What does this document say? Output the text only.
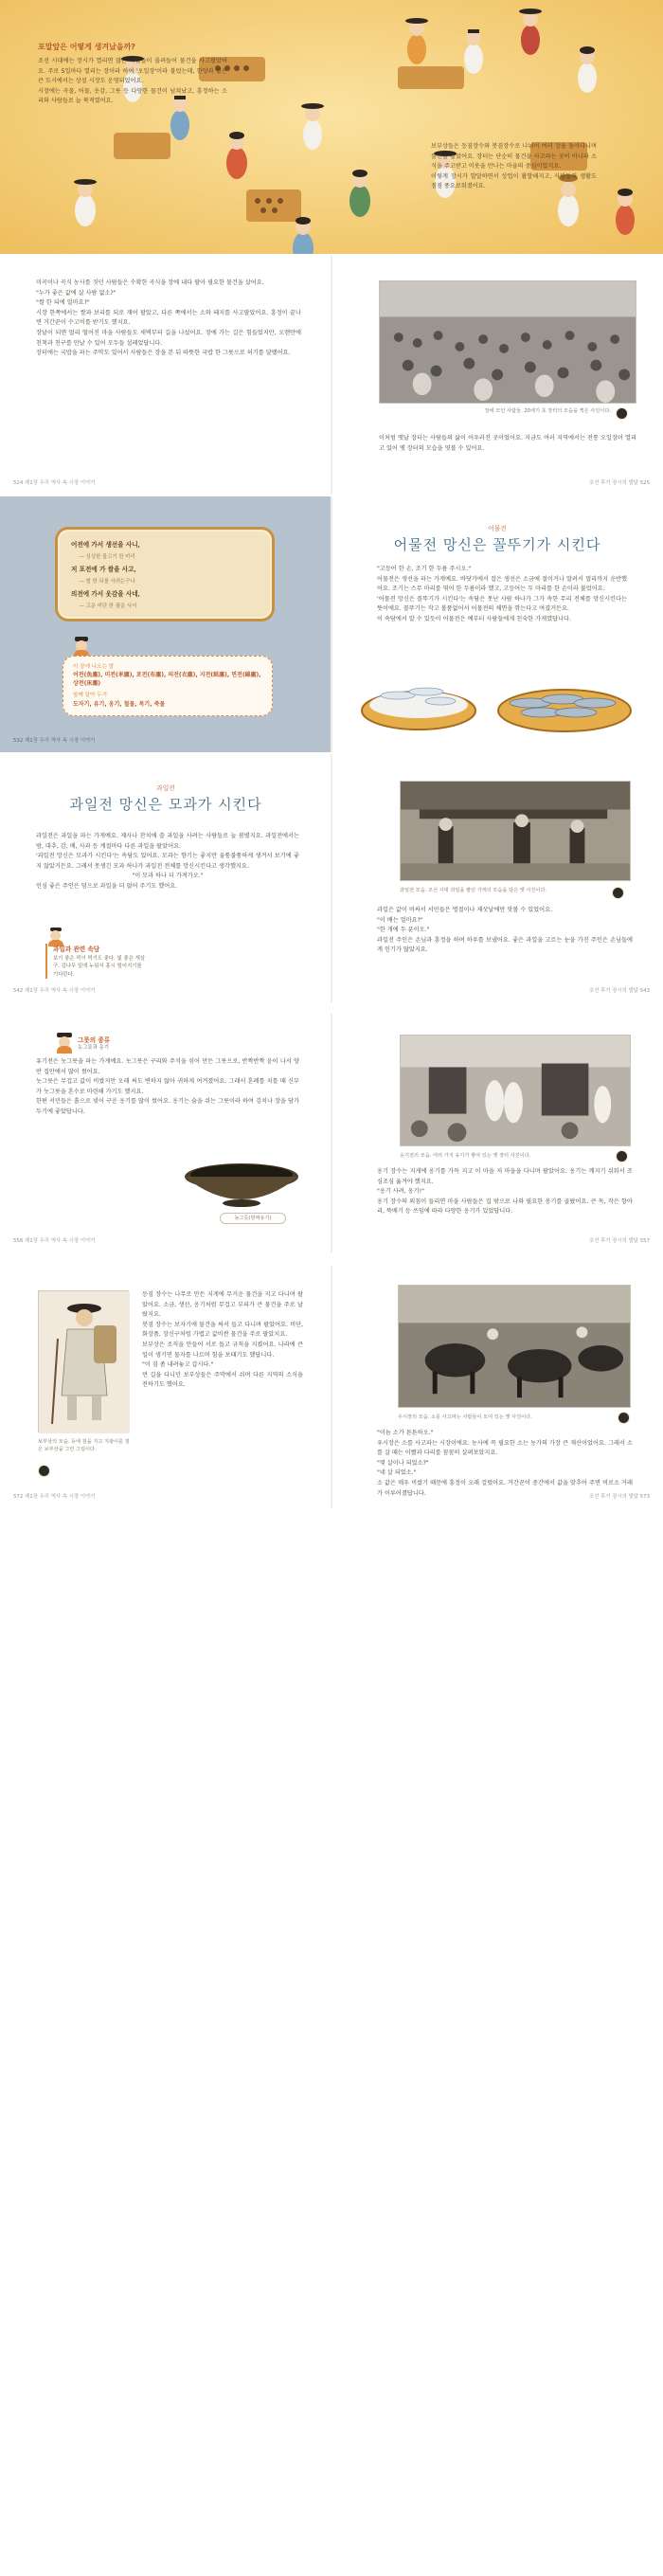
포말앞은 어떻게 생겨났을까?

조선 시대에는 장시가 열리면 많은 사람들이 몰려들어 물건을 사고팔았어요. 주로 5일마다 열리는 장이라 하여 '오일장'이라 불렀는데, 한양과 같은 큰 도시에서는 상설 시장도 운영되었어요.

시장에는 곡물, 어물, 옷감, 그릇 등 다양한 물건이 넘쳐났고, 흥정하는 소리와 사람들로 늘 북적였어요.

보부상들은 등짐장수와 봇짐장수로 나뉘어 여러 장을 돌아다니며 물건을 팔았어요. 장터는 단순히 물건을 사고파는 곳이 아니라 소식을 주고받고 이웃을 만나는 마을의 중심이었지요.

이렇게 장시가 발달하면서 상업이 활발해지고, 사람들의 생활도 점점 풍요로워졌어요.

미곡이나 곡식 농사를 짓던 사람들은 수확한 곡식을 장에 내다 팔아 필요한 물건을 샀어요.

"누가 좋은 값에 살 사람 없소?"

"쌀 한 되에 얼마요?"

시장 한쪽에서는 쌀과 보리를 되로 재어 팔았고, 다른 쪽에서는 소와 돼지를 사고팔았어요. 흥정이 끝나면 거간꾼이 수고비를 받기도 했지요.

장날이 되면 멀리 떨어진 마을 사람들도 새벽부터 길을 나섰어요. 장에 가는 길은 힘들었지만, 오랜만에 친척과 친구를 만날 수 있어 모두들 설레었답니다.

장터에는 국밥을 파는 주막도 있어서 사람들은 장을 본 뒤 따뜻한 국밥 한 그릇으로 허기를 달랬어요.

524 제1장 우리 역사 속 시장 이야기
장에 모인 사람들. 20세기 초 장터의 모습을 찍은 사진이다.

이처럼 옛날 장터는 사람들의 삶이 어우러진 곳이었어요. 지금도 여러 지역에서는 전통 오일장이 열리고 있어 옛 장터의 모습을 엿볼 수 있어요.

조선 후기 장시의 발달 525
어전에 가서 생선을 사니,
— 싱싱한 물고기 한 마리
저 포전에 가 쌀을 사고,
— 쌀 한 되를 사려는구나
의전에 가서 옷감을 사네,
— 고운 비단 한 필을 사서
이 장에 나오는 말
어전(魚廛), 미전(米廛), 포전(布廛), 의전(衣廛), 지전(紙廛), 면전(綿廛), 상전(床廛)
함께 알아 두기
도자기, 유기, 옹기, 철물, 목기, 죽물
532 제1장 우리 역사 속 시장 이야기
어물전
어물전 망신은 꼴뚜기가 시킨다

"고등어 한 손, 조기 한 두름 주시오."

어물전은 생선을 파는 가게예요. 바닷가에서 잡은 생선은 소금에 절이거나 말려서 멀리까지 운반했어요. 조기는 스무 마리를 엮어 한 두름이라 했고, 고등어는 두 마리를 한 손이라 불렀어요.

'어물전 망신은 꼴뚜기가 시킨다'는 속담은 못난 사람 하나가 그가 속한 무리 전체를 망신시킨다는 뜻이에요. 꼴뚜기는 작고 볼품없어서 어물전의 체면을 깎는다고 여겼거든요.

이 속담에서 알 수 있듯이 어물전은 예부터 사람들에게 친숙한 가게였답니다.

과일전
과일전 망신은 모과가 시킨다

과일전은 과일을 파는 가게예요. 제사나 잔치에 쓸 과일을 사려는 사람들로 늘 붐볐지요. 과일전에서는 밤, 대추, 감, 배, 사과 등 계절마다 다른 과일을 팔았어요.

'과일전 망신은 모과가 시킨다'는 속담도 있어요. 모과는 향기는 좋지만 울퉁불퉁하게 생겨서 보기에 좋지 않았거든요. 그래서 못생긴 모과 하나가 과일전 전체를 망신시킨다고 생각했지요.

"이 모과 하나 더 가져가오."

인심 좋은 주인은 덤으로 과일을 더 얹어 주기도 했어요.

과일과 관련 속담
보기 좋은 떡이 먹기도 좋다. 빛 좋은 개살구. 감나무 밑에 누워서 홍시 떨어지기를 기다린다.
542 제1장 우리 역사 속 시장 이야기
과일전 모습. 조선 시대 과일을 팔던 가게의 모습을 담은 옛 사진이다.

과일은 값이 비싸서 서민들은 명절이나 제삿날에만 맛볼 수 있었어요.

"이 배는 얼마요?"

"한 개에 두 푼이오."

과일전 주인은 손님과 흥정을 하며 하루를 보냈어요. 좋은 과일을 고르는 눈을 가진 주인은 손님들에게 인기가 많았지요.

조선 후기 장시의 발달 543
그릇의 종류
놋그릇과 옹기

유기전은 놋그릇을 파는 가게예요. 놋그릇은 구리와 주석을 섞어 만든 그릇으로, 반짝반짝 윤이 나서 양반 집안에서 많이 썼어요.

놋그릇은 무겁고 값이 비쌌지만 오래 써도 변하지 않아 귀하게 여겨졌어요. 그래서 혼례를 치를 때 신부가 놋그릇을 혼수로 마련해 가기도 했지요.

한편 서민들은 흙으로 빚어 구운 옹기를 많이 썼어요. 옹기는 숨을 쉬는 그릇이라 하여 김치나 장을 담가 두기에 좋았답니다.

놋그릇(방짜유기)
556 제1장 우리 역사 속 시장 이야기
옹기전의 모습. 여러 가지 옹기가 쌓여 있는 옛 장터 사진이다.

옹기 장수는 지게에 옹기를 가득 지고 이 마을 저 마을을 다니며 팔았어요. 옹기는 깨지기 쉬워서 조심조심 옮겨야 했지요.

"옹기 사려, 옹기!"

옹기 장수의 외침이 들리면 마을 사람들은 집 밖으로 나와 필요한 옹기를 골랐어요. 큰 독, 작은 항아리, 뚝배기 등 쓰임에 따라 다양한 옹기가 있었답니다.

조선 후기 장시의 발달 557
보부상의 모습. 등에 짐을 지고 지팡이를 짚은 보부상을 그린 그림이다.

등짐 장수는 나무로 만든 지게에 무거운 물건을 지고 다니며 팔았어요. 소금, 생선, 옹기처럼 무겁고 부피가 큰 물건을 주로 날랐지요.

봇짐 장수는 보자기에 물건을 싸서 들고 다니며 팔았어요. 비단, 화장품, 장신구처럼 가볍고 값비싼 물건을 주로 팔았지요.

보부상은 조직을 만들어 서로 돕고 규칙을 지켰어요. 나라에 큰일이 생기면 물자를 나르며 힘을 보태기도 했답니다.

"이 짐 좀 내려놓고 갑시다."

먼 길을 다니던 보부상들은 주막에서 쉬며 다른 지역의 소식을 전하기도 했어요.

572 제1장 우리 역사 속 시장 이야기
우시장의 모습. 소를 사고파는 사람들이 모여 있는 옛 사진이다.

"이놈 소가 튼튼하오."

우시장은 소를 사고파는 시장이에요. 농사에 꼭 필요한 소는 농가의 가장 큰 재산이었어요. 그래서 소를 살 때는 이빨과 다리를 꼼꼼히 살펴보았지요.

"몇 살이나 되었소?"

"네 살 되었소."

소 값은 매우 비쌌기 때문에 흥정이 오래 걸렸어요. 거간꾼이 중간에서 값을 맞추어 주면 비로소 거래가 이루어졌답니다.

조선 후기 장시의 발달 573
